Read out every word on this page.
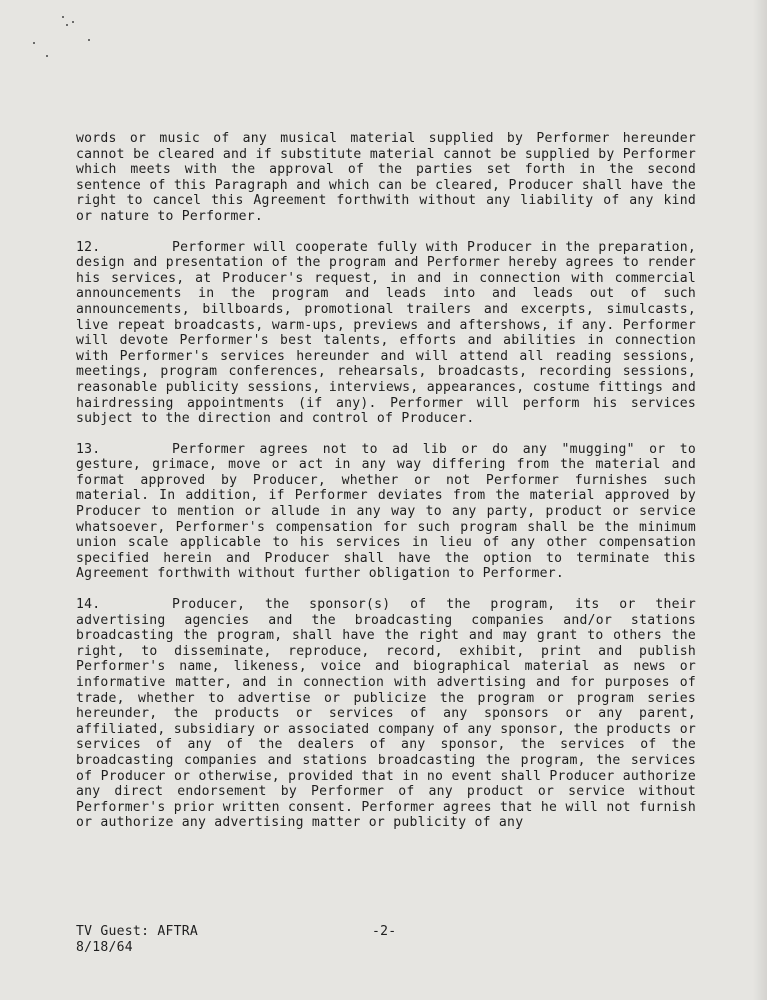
words or music of any musical material supplied by Performer hereunder cannot be cleared and if substitute material cannot be supplied by Performer which meets with the approval of the parties set forth in the second sentence of this Paragraph and which can be cleared, Producer shall have the right to cancel this Agreement forthwith without any liability of any kind or nature to Performer.

12.	Performer will cooperate fully with Producer in the preparation, design and presentation of the program and Performer hereby agrees to render his services, at Producer's request, in and in connection with commercial announcements in the program and leads into and leads out of such announcements, billboards, promotional trailers and excerpts, simulcasts, live repeat broadcasts, warm-ups, previews and aftershows, if any. Performer will devote Performer's best talents, efforts and abilities in connection with Performer's services hereunder and will attend all reading sessions, meetings, program conferences, rehearsals, broadcasts, recording sessions, reasonable publicity sessions, interviews, appearances, costume fittings and hairdressing appointments (if any). Performer will perform his services subject to the direction and control of Producer.

13.	Performer agrees not to ad lib or do any "mugging" or to gesture, grimace, move or act in any way differing from the material and format approved by Producer, whether or not Performer furnishes such material. In addition, if Performer deviates from the material approved by Producer to mention or allude in any way to any party, product or service whatsoever, Performer's compensation for such program shall be the minimum union scale applicable to his services in lieu of any other compensation specified herein and Producer shall have the option to terminate this Agreement forthwith without further obligation to Performer.

14.	Producer, the sponsor(s) of the program, its or their advertising agencies and the broadcasting companies and/or stations broadcasting the program, shall have the right and may grant to others the right, to disseminate, reproduce, record, exhibit, print and publish Performer's name, likeness, voice and biographical material as news or informative matter, and in connection with advertising and for purposes of trade, whether to advertise or publicize the program or program series hereunder, the products or services of any sponsors or any parent, affiliated, subsidiary or associated company of any sponsor, the products or services of any of the dealers of any sponsor, the services of the broadcasting companies and stations broadcasting the program, the services of Producer or otherwise, provided that in no event shall Producer authorize any direct endorsement by Performer of any product or service without Performer's prior written consent. Performer agrees that he will not furnish or authorize any advertising matter or publicity of any

TV Guest: AFTRA
8/18/64
-2-
